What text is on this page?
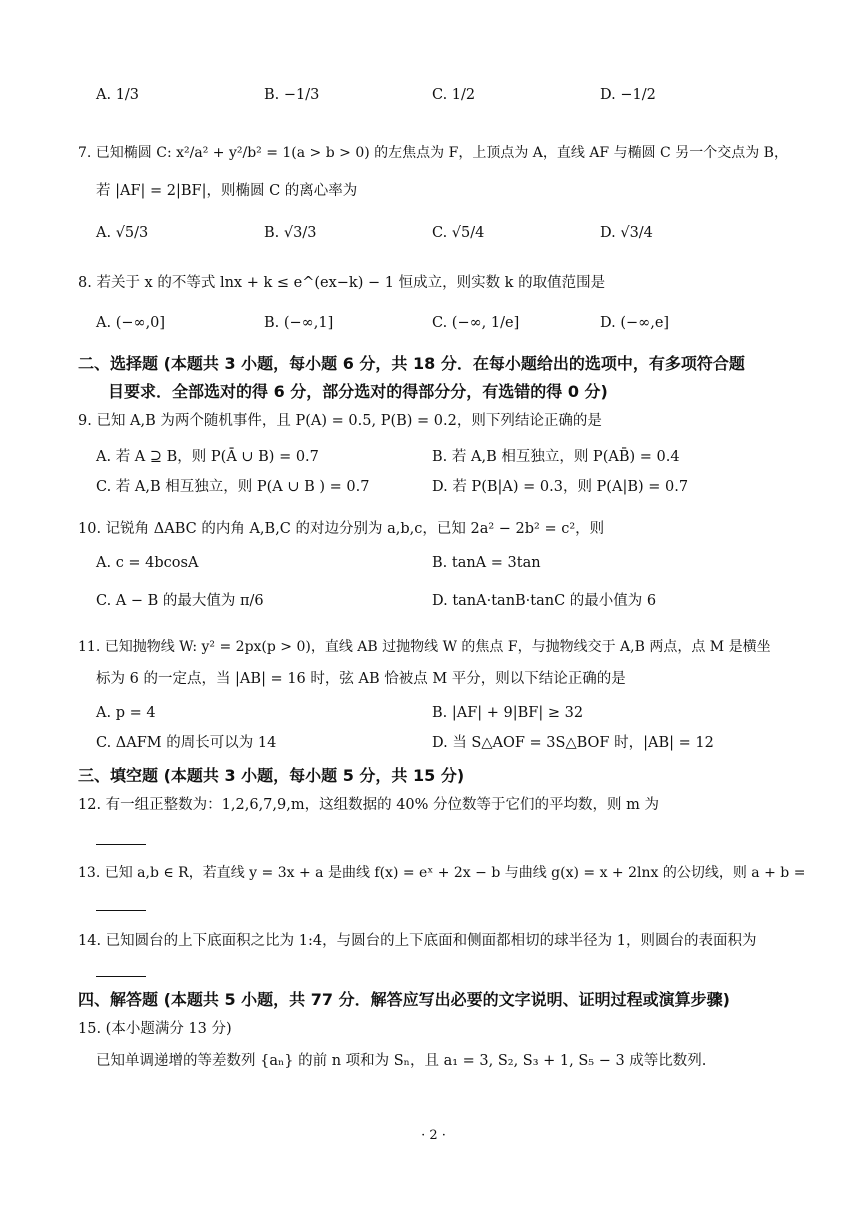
A. 1/3	B. −1/3	C. 1/2	D. −1/2
7. 已知椭圆 C: x²/a² + y²/b² = 1(a > b > 0) 的左焦点为 F，上顶点为 A，直线 AF 与椭圆 C 另一个交点为 B，
若 |AF| = 2|BF|，则椭圆 C 的离心率为
A. √5/3	B. √3/3	C. √5/4	D. √3/4
8. 若关于 x 的不等式 lnx + k ≤ e^(ex−k) − 1 恒成立，则实数 k 的取值范围是
A. (−∞,0]	B. (−∞,1]	C. (−∞, 1/e]	D. (−∞,e]
二、选择题 (本题共 3 小题，每小题 6 分，共 18 分．在每小题给出的选项中，有多项符合题
目要求．全部选对的得 6 分，部分选对的得部分分，有选错的得 0 分)
9. 已知 A,B 为两个随机事件，且 P(A) = 0.5, P(B) = 0.2，则下列结论正确的是
A. 若 A ⊇ B，则 P(Ā ∪ B) = 0.7	B. 若 A,B 相互独立，则 P(AB̄) = 0.4
C. 若 A,B 相互独立，则 P(A ∪ B ) = 0.7	D. 若 P(B|A) = 0.3，则 P(A|B) = 0.7
10. 记锐角 ΔABC 的内角 A,B,C 的对边分别为 a,b,c，已知 2a² − 2b² = c²，则
A. c = 4bcosA	B. tanA = 3tan
C. A − B 的最大值为 π/6	D. tanA·tanB·tanC 的最小值为 6
11. 已知抛物线 W: y² = 2px(p > 0)，直线 AB 过抛物线 W 的焦点 F，与抛物线交于 A,B 两点，点 M 是横坐
标为 6 的一定点，当 |AB| = 16 时，弦 AB 恰被点 M 平分，则以下结论正确的是
A. p = 4	B. |AF| + 9|BF| ≥ 32
C. ΔAFM 的周长可以为 14	D. 当 S△AOF = 3S△BOF 时，|AB| = 12
三、填空题 (本题共 3 小题，每小题 5 分，共 15 分)
12. 有一组正整数为：1,2,6,7,9,m，这组数据的 40% 分位数等于它们的平均数，则 m 为
13. 已知 a,b ∈ R，若直线 y = 3x + a 是曲线 f(x) = eˣ + 2x − b 与曲线 g(x) = x + 2lnx 的公切线，则 a + b =
14. 已知圆台的上下底面积之比为 1:4，与圆台的上下底面和侧面都相切的球半径为 1，则圆台的表面积为
四、解答题 (本题共 5 小题，共 77 分．解答应写出必要的文字说明、证明过程或演算步骤)
15. (本小题满分 13 分)
已知单调递增的等差数列 {aₙ} 的前 n 项和为 Sₙ，且 a₁ = 3, S₂, S₃ + 1, S₅ − 3 成等比数列.
· 2 ·
